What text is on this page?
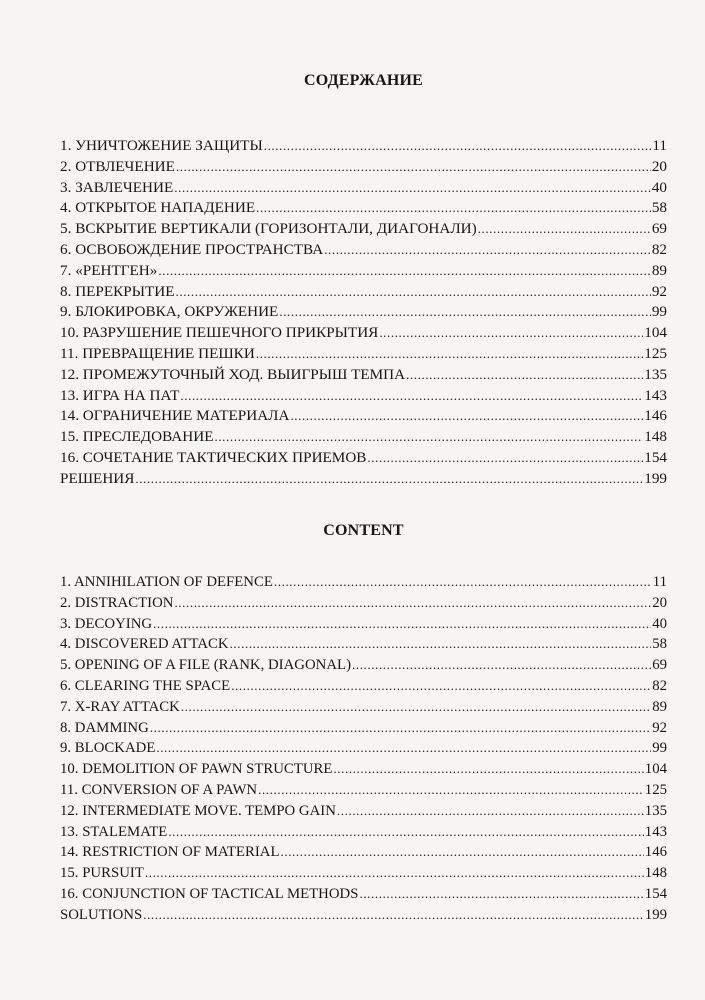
СОДЕРЖАНИЕ
1. УНИЧТОЖЕНИЕ ЗАЩИТЫ .....	11
2. ОТВЛЕЧЕНИЕ .....	20
3. ЗАВЛЕЧЕНИЕ .....	40
4. ОТКРЫТОЕ НАПАДЕНИЕ .....	58
5. ВСКРЫТИЕ ВЕРТИКАЛИ (ГОРИЗОНТАЛИ, ДИАГОНАЛИ) .....	69
6. ОСВОБОЖДЕНИЕ ПРОСТРАНСТВА .....	82
7. «РЕНТГЕН» .....	89
8. ПЕРЕКРЫТИЕ .....	92
9. БЛОКИРОВКА, ОКРУЖЕНИЕ .....	99
10. РАЗРУШЕНИЕ ПЕШЕЧНОГО ПРИКРЫТИЯ .....	104
11. ПРЕВРАЩЕНИЕ ПЕШКИ .....	125
12. ПРОМЕЖУТОЧНЫЙ ХОД. ВЫИГРЫШ ТЕМПА .....	135
13. ИГРА НА ПАТ .....	143
14. ОГРАНИЧЕНИЕ МАТЕРИАЛА .....	146
15. ПРЕСЛЕДОВАНИЕ .....	148
16. СОЧЕТАНИЕ ТАКТИЧЕСКИХ ПРИЕМОВ .....	154
РЕШЕНИЯ .....	199
CONTENT
1. ANNIHILATION OF DEFENCE .....	11
2. DISTRACTION .....	20
3. DECOYING .....	40
4. DISCOVERED ATTACK .....	58
5. OPENING OF A FILE (RANK, DIAGONAL) .....	69
6. CLEARING THE SPACE .....	82
7. X-RAY ATTACK .....	89
8. DAMMING .....	92
9. BLOCKADE .....	99
10. DEMOLITION OF PAWN STRUCTURE .....	104
11. CONVERSION OF A PAWN .....	125
12. INTERMEDIATE MOVE. TEMPO GAIN .....	135
13. STALEMATE .....	143
14. RESTRICTION OF MATERIAL .....	146
15. PURSUIT .....	148
16. CONJUNCTION OF TACTICAL METHODS .....	154
SOLUTIONS .....	199
